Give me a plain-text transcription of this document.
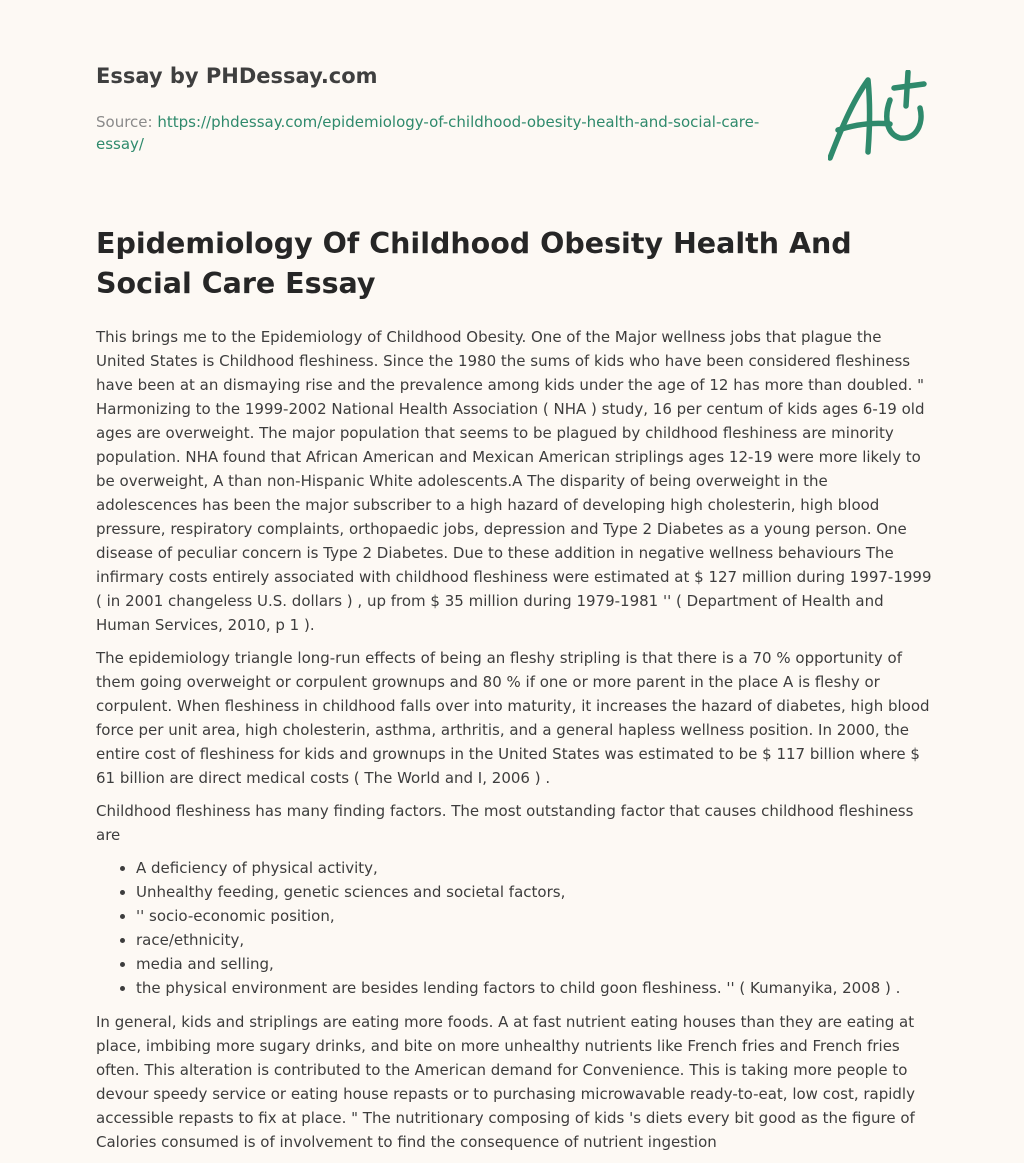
Essay by PHDessay.com
Source: https://phdessay.com/epidemiology-of-childhood-obesity-health-and-social-care-essay/
Epidemiology Of Childhood Obesity Health And Social Care Essay

This brings me to the Epidemiology of Childhood Obesity. One of the Major wellness jobs that plague the United States is Childhood fleshiness. Since the 1980 the sums of kids who have been considered fleshiness have been at an dismaying rise and the prevalence among kids under the age of 12 has more than doubled. " Harmonizing to the 1999-2002 National Health Association ( NHA ) study, 16 per centum of kids ages 6-19 old ages are overweight. The major population that seems to be plagued by childhood fleshiness are minority population. NHA found that African American and Mexican American striplings ages 12-19 were more likely to be overweight, A than non-Hispanic White adolescents.A The disparity of being overweight in the adolescences has been the major subscriber to a high hazard of developing high cholesterin, high blood pressure, respiratory complaints, orthopaedic jobs, depression and Type 2 Diabetes as a young person. One disease of peculiar concern is Type 2 Diabetes. Due to these addition in negative wellness behaviours The infirmary costs entirely associated with childhood fleshiness were estimated at $ 127 million during 1997-1999 ( in 2001 changeless U.S. dollars ) , up from $ 35 million during 1979-1981 '' ( Department of Health and Human Services, 2010, p 1 ).

The epidemiology triangle long-run effects of being an fleshy stripling is that there is a 70 % opportunity of them going overweight or corpulent grownups and 80 % if one or more parent in the place A is fleshy or corpulent. When fleshiness in childhood falls over into maturity, it increases the hazard of diabetes, high blood force per unit area, high cholesterin, asthma, arthritis, and a general hapless wellness position. In 2000, the entire cost of fleshiness for kids and grownups in the United States was estimated to be $ 117 billion where $ 61 billion are direct medical costs ( The World and I, 2006 ) .

Childhood fleshiness has many finding factors. The most outstanding factor that causes childhood fleshiness are

• A deficiency of physical activity,
• Unhealthy feeding, genetic sciences and societal factors,
• '' socio-economic position,
• race/ethnicity,
• media and selling,
• the physical environment are besides lending factors to child goon fleshiness. '' ( Kumanyika, 2008 ) .

In general, kids and striplings are eating more foods. A at fast nutrient eating houses than they are eating at place, imbibing more sugary drinks, and bite on more unhealthy nutrients like French fries and French fries often. This alteration is contributed to the American demand for Convenience. This is taking more people to devour speedy service or eating house repasts or to purchasing microwavable ready-to-eat, low cost, rapidly accessible repasts to fix at place. " The nutritionary composing of kids 's diets every bit good as the figure of Calories consumed is of involvement to find the consequence of nutrient ingestion
